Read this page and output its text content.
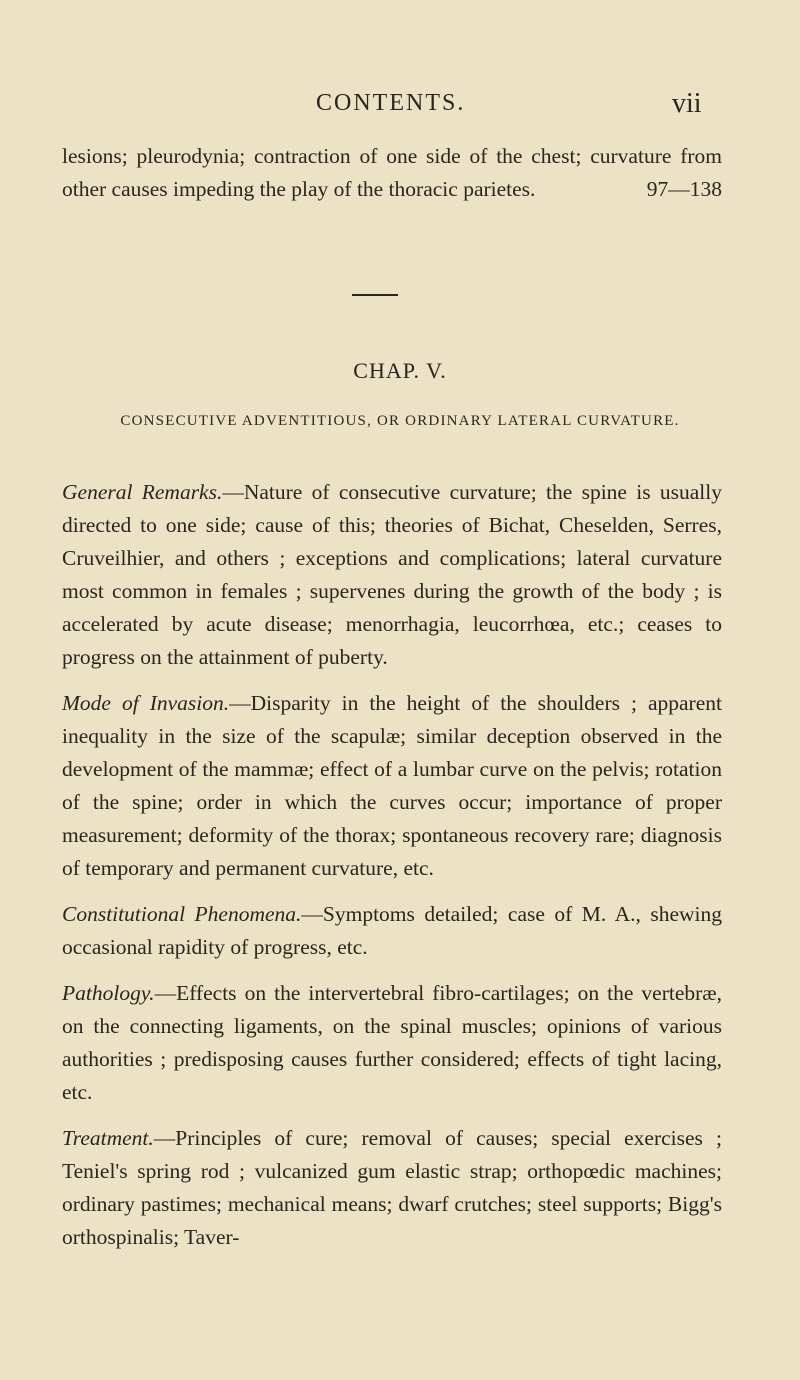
CONTENTS.	vii
lesions; pleurodynia; contraction of one side of the chest; curvature from other causes impeding the play of the thoracic parietes.	97—138
CHAP. V.
CONSECUTIVE ADVENTITIOUS, OR ORDINARY LATERAL CURVATURE.

General Remarks.—Nature of consecutive curvature; the spine is usually directed to one side; cause of this; theories of Bichat, Cheselden, Serres, Cruveilhier, and others ; exceptions and complications; lateral curvature most common in females ; supervenes during the growth of the body ; is accelerated by acute disease; menorrhagia, leucorrhœa, etc.; ceases to progress on the attainment of puberty.

Mode of Invasion.—Disparity in the height of the shoulders ; apparent inequality in the size of the scapulæ; similar deception observed in the development of the mammæ; effect of a lumbar curve on the pelvis; rotation of the spine; order in which the curves occur; importance of proper measurement; deformity of the thorax; spontaneous recovery rare; diagnosis of temporary and permanent curvature, etc.

Constitutional Phenomena.—Symptoms detailed; case of M. A., shewing occasional rapidity of progress, etc.

Pathology.—Effects on the intervertebral fibro-cartilages; on the vertebræ, on the connecting ligaments, on the spinal muscles; opinions of various authorities ; predisposing causes further considered; effects of tight lacing, etc.

Treatment.—Principles of cure; removal of causes; special exercises ; Teniel's spring rod ; vulcanized gum elastic strap; orthopœdic machines; ordinary pastimes; mechanical means; dwarf crutches; steel supports; Bigg's orthospinalis; Taver-
